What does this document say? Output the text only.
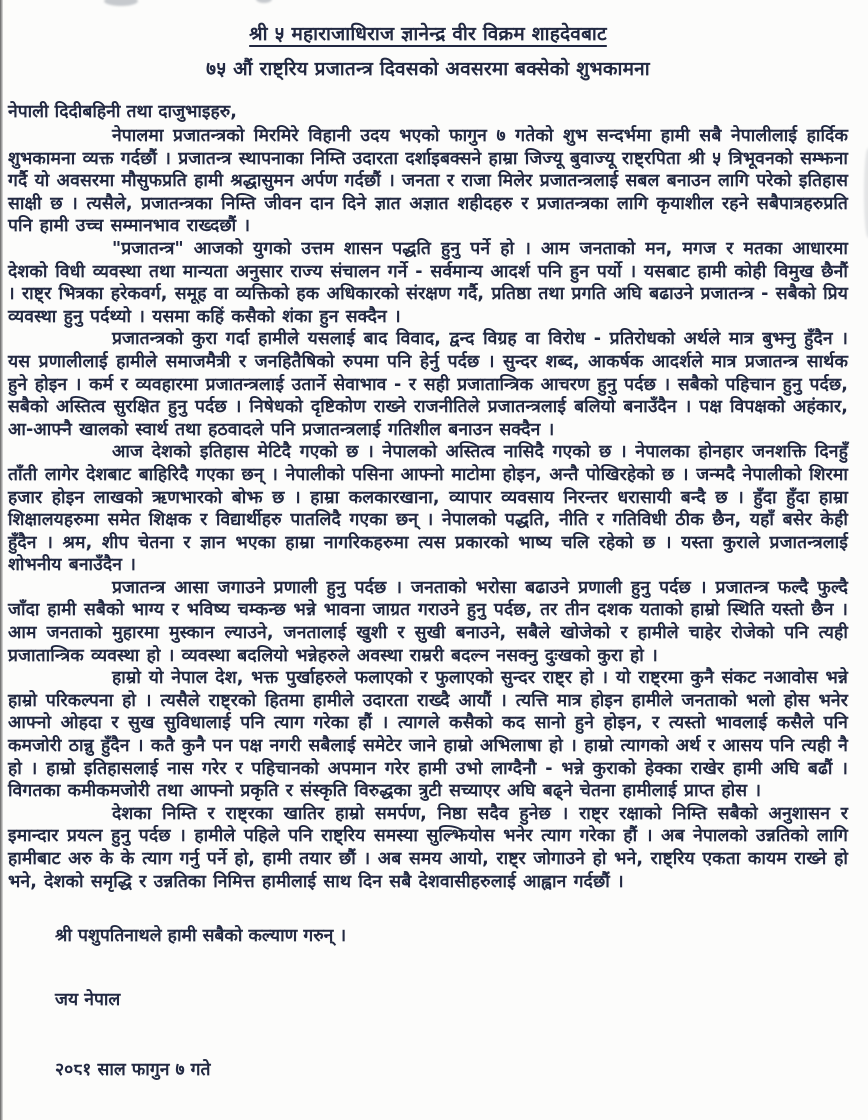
श्री ५ महाराजाधिराज ज्ञानेन्द्र वीर विक्रम शाहदेवबाट
७५ औं राष्ट्रिय प्रजातन्त्र दिवसको अवसरमा बक्सेको शुभकामना

नेपाली दिदीबहिनी तथा दाजुभाइहरु,

नेपालमा प्रजातन्त्रको मिरमिरे विहानी उदय भएको फागुन ७ गतेको शुभ सन्दर्भमा हामी सबै नेपालीलाई हार्दिक शुभकामना व्यक्त गर्दछौं । प्रजातन्त्र स्थापनाका निम्ति उदारता दर्शाइबक्सने हाम्रा जिज्यू बुवाज्यू राष्ट्रपिता श्री ५ त्रिभूवनको सम्झना गर्दै यो अवसरमा मौसुफप्रति हामी श्रद्धासुमन अर्पण गर्दछौं । जनता र राजा मिलेर प्रजातन्त्रलाई सबल बनाउन लागि परेको इतिहास साक्षी छ । त्यसैले, प्रजातन्त्रका निम्ति जीवन दान दिने ज्ञात अज्ञात शहीदहरु र प्रजातन्त्रका लागि कृयाशील रहने सबैपात्रहरुप्रति पनि हामी उच्च सम्मानभाव राख्दछौं ।

"प्रजातन्त्र" आजको युगको उत्तम शासन पद्धति हुनु पर्ने हो । आम जनताको मन, मगज र मतका आधारमा देशको विधी व्यवस्था तथा मान्यता अनुसार राज्य संचालन गर्ने - सर्वमान्य आदर्श पनि हुन पर्यो । यसबाट हामी कोही विमुख छैनौं । राष्ट्र भित्रका हरेकवर्ग, समूह वा व्यक्तिको हक अधिकारको संरक्षण गर्दै, प्रतिष्ठा तथा प्रगति अघि बढाउने प्रजातन्त्र - सबैको प्रिय व्यवस्था हुनु पर्दथ्यो । यसमा कहिं कसैको शंका हुन सक्दैन ।

प्रजातन्त्रको कुरा गर्दा हामीले यसलाई बाद विवाद, द्वन्द विग्रह वा विरोध - प्रतिरोधको अर्थले मात्र बुझ्नु हुँदैन । यस प्रणालीलाई हामीले समाजमैत्री र जनहितैषिको रुपमा पनि हेर्नु पर्दछ । सुन्दर शब्द, आकर्षक आदर्शले मात्र प्रजातन्त्र सार्थक हुने होइन । कर्म र व्यवहारमा प्रजातन्त्रलाई उतार्ने सेवाभाव - र सही प्रजातान्त्रिक आचरण हुनु पर्दछ । सबैको पहिचान हुनु पर्दछ, सबैको अस्तित्व सुरक्षित हुनु पर्दछ । निषेधको दृष्टिकोण राख्ने राजनीतिले प्रजातन्त्रलाई बलियो बनाउँदैन । पक्ष विपक्षको अहंकार, आ-आफ्नै खालको स्वार्थ तथा हठवादले पनि प्रजातन्त्रलाई गतिशील बनाउन सक्दैन ।

आज देशको इतिहास मेटिदै गएको छ । नेपालको अस्तित्व नासिदै गएको छ । नेपालका होनहार जनशक्ति दिनहुँ ताँती लागेर देशबाट बाहिरिदै गएका छन् । नेपालीको पसिना आफ्नो माटोमा होइन, अन्तै पोखिरहेको छ । जन्मदै नेपालीको शिरमा हजार होइन लाखको ऋणभारको बोझ छ । हाम्रा कलकारखाना, व्यापार व्यवसाय निरन्तर धरासायी बन्दै छ । हुँदा हुँदा हाम्रा शिक्षालयहरुमा समेत शिक्षक र विद्यार्थीहरु पातलिदै गएका छन् । नेपालको पद्धति, नीति र गतिविधी ठीक छैन, यहाँ बसेर केही हुँदैन । श्रम, शीप चेतना र ज्ञान भएका हाम्रा नागरिकहरुमा त्यस प्रकारको भाष्य चलि रहेको छ । यस्ता कुराले प्रजातन्त्रलाई शोभनीय बनाउँदैन ।

प्रजातन्त्र आसा जगाउने प्रणाली हुनु पर्दछ । जनताको भरोसा बढाउने प्रणाली हुनु पर्दछ । प्रजातन्त्र फल्दै फुल्दै जाँदा हामी सबैको भाग्य र भविष्य चम्कन्छ भन्ने भावना जाग्रत गराउने हुनु पर्दछ, तर तीन दशक यताको हाम्रो स्थिति यस्तो छैन । आम जनताको मुहारमा मुस्कान ल्याउने, जनतालाई खुशी र सुखी बनाउने, सबैले खोजेको र हामीले चाहेर रोजेको पनि त्यही प्रजातान्त्रिक व्यवस्था हो । व्यवस्था बदलियो भन्नेहरुले अवस्था राम्ररी बदल्न नसक्नु दुःखको कुरा हो ।

हाम्रो यो नेपाल देश, भक्त पुर्खाहरुले फलाएको र फुलाएको सुन्दर राष्ट्र हो । यो राष्ट्रमा कुनै संकट नआवोस भन्ने हाम्रो परिकल्पना हो । त्यसैले राष्ट्रको हितमा हामीले उदारता राख्दै आयौं । त्यत्ति मात्र होइन हामीले जनताको भलो होस भनेर आफ्नो ओहदा र सुख सुविधालाई पनि त्याग गरेका हौं । त्यागले कसैको कद सानो हुने होइन, र त्यस्तो भावलाई कसैले पनि कमजोरी ठान्नु हुँदैन । कतै कुनै पन पक्ष नगरी सबैलाई समेटेर जाने हाम्रो अभिलाषा हो । हाम्रो त्यागको अर्थ र आसय पनि त्यही नै हो । हाम्रो इतिहासलाई नास गरेर र पहिचानको अपमान गरेर हामी उभो लाग्दैनौ - भन्ने कुराको हेक्का राखेर हामी अघि बढौं । विगतका कमीकमजोरी तथा आफ्नो प्रकृति र संस्कृति विरुद्धका त्रुटी सच्याएर अघि बढ्ने चेतना हामीलाई प्राप्त होस ।

देशका निम्ति र राष्ट्रका खातिर हाम्रो समर्पण, निष्ठा सदैव हुनेछ । राष्ट्र रक्षाको निम्ति सबैको अनुशासन र इमान्दार प्रयत्न हुनु पर्दछ । हामीले पहिले पनि राष्ट्रिय समस्या सुल्झियोस भनेर त्याग गरेका हौं । अब नेपालको उन्नतिको लागि हामीबाट अरु के के त्याग गर्नु पर्ने हो, हामी तयार छौं । अब समय आयो, राष्ट्र जोगाउने हो भने, राष्ट्रिय एकता कायम राख्ने हो भने, देशको समृद्धि र उन्नतिका निमित्त हामीलाई साथ दिन सबै देशवासीहरुलाई आह्वान गर्दछौं ।

श्री पशुपतिनाथले हामी सबैको कल्याण गरुन् ।

जय नेपाल

२०८१ साल फागुन ७ गते
